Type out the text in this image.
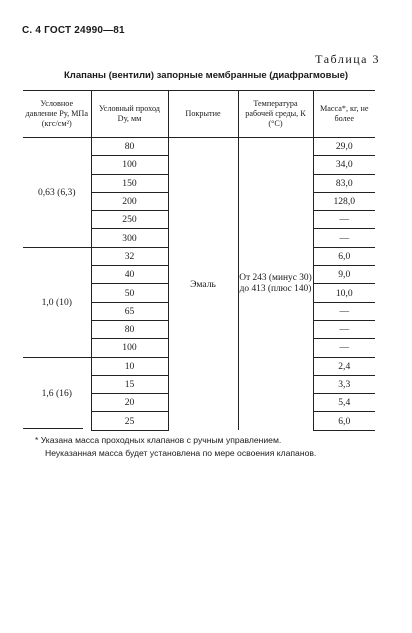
С. 4 ГОСТ 24990—81
Таблица 3
Клапаны (вентили) запорные мембранные (диафрагмовые)
Условное давление Pу, МПа (кгс/см²)	Условный проход Dу, мм	Покрытие	Температура рабочей среды, К (°С)	Масса*, кг, не более
0,63 (6,3)	80	Эмаль	От 243 (минус 30) до 413 (плюс 140)	29,0
	100			34,0
	150			83,0
	200			128,0
	250			—
	300			—
1,0 (10)	32			6,0
	40			9,0
	50			10,0
	65			—
	80			—
	100			—
1,6 (16)	10			2,4
	15			3,3
	20			5,4
	25			6,0
* Указана масса проходных клапанов с ручным управлением.
Неуказанная масса будет установлена по мере освоения клапанов.
